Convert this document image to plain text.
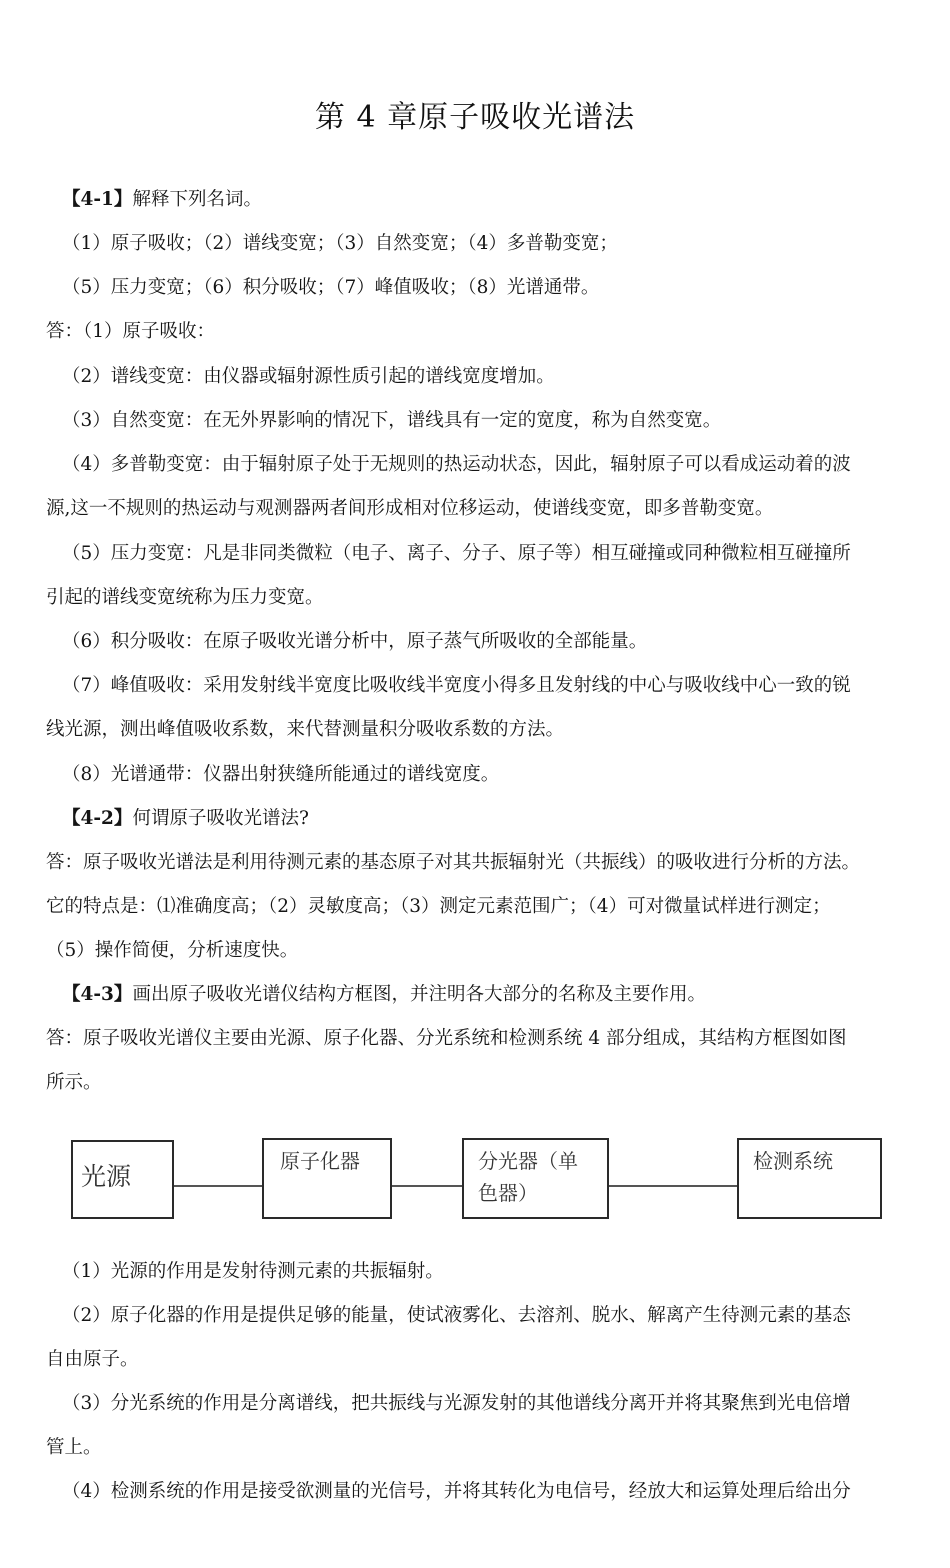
第 4 章原子吸收光谱法
【4-1】解释下列名词。
（1）原子吸收；（2）谱线变宽；（3）自然变宽；（4）多普勒变宽；
（5）压力变宽；（6）积分吸收；（7）峰值吸收；（8）光谱通带。
答：（1）原子吸收：
（2）谱线变宽：由仪器或辐射源性质引起的谱线宽度增加。
（3）自然变宽：在无外界影响的情况下，谱线具有一定的宽度，称为自然变宽。
（4）多普勒变宽：由于辐射原子处于无规则的热运动状态，因此，辐射原子可以看成运动着的波
源,这一不规则的热运动与观测器两者间形成相对位移运动，使谱线变宽，即多普勒变宽。
（5）压力变宽：凡是非同类微粒（电子、离子、分子、原子等）相互碰撞或同种微粒相互碰撞所
引起的谱线变宽统称为压力变宽。
（6）积分吸收：在原子吸收光谱分析中，原子蒸气所吸收的全部能量。
（7）峰值吸收：采用发射线半宽度比吸收线半宽度小得多且发射线的中心与吸收线中心一致的锐
线光源，测出峰值吸收系数，来代替测量积分吸收系数的方法。
（8）光谱通带：仪器出射狭缝所能通过的谱线宽度。
【4-2】何谓原子吸收光谱法?
答：原子吸收光谱法是利用待测元素的基态原子对其共振辐射光（共振线）的吸收进行分析的方法。
它的特点是：⑴准确度高；（2）灵敏度高；（3）测定元素范围广；（4）可对微量试样进行测定；
（5）操作简便，分析速度快。
【4-3】画出原子吸收光谱仪结构方框图，并注明各大部分的名称及主要作用。
答：原子吸收光谱仪主要由光源、原子化器、分光系统和检测系统 4 部分组成，其结构方框图如图
所示。
光源
原子化器	分光器（单
色器）
检测系统
（1）光源的作用是发射待测元素的共振辐射。
（2）原子化器的作用是提供足够的能量，使试液雾化、去溶剂、脱水、解离产生待测元素的基态
自由原子。
（3）分光系统的作用是分离谱线，把共振线与光源发射的其他谱线分离开并将其聚焦到光电倍增
管上。
（4）检测系统的作用是接受欲测量的光信号，并将其转化为电信号，经放大和运算处理后给出分
